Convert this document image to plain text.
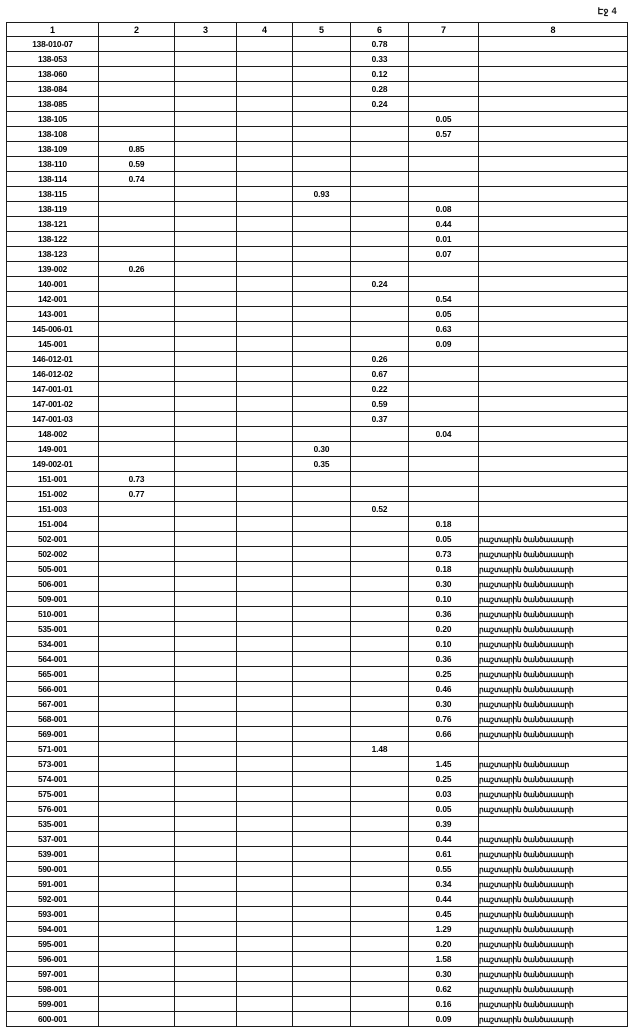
Էջ 4
1	2	3	4	5	6	7	8
138-010-07					0.78		
138-053					0.33		
138-060					0.12		
138-084					0.28		
138-085					0.24		
138-105						0.05	
138-108						0.57	
138-109	0.85						
138-110	0.59						
138-114	0.74						
138-115				0.93			
138-119						0.08	
138-121						0.44	
138-122						0.01	
138-123						0.07	
139-002	0.26						
140-001					0.24		
142-001						0.54	
143-001						0.05	
145-006-01						0.63	
145-001						0.09	
146-012-01					0.26		
146-012-02					0.67		
147-001-01					0.22		
147-001-02					0.59		
147-001-03					0.37		
148-002						0.04	
149-001				0.30			
149-002-01				0.35			
151-001	0.73						
151-002	0.77						
151-003					0.52		
151-004						0.18	
502-001						0.05	րաշտարին ծանծաաարի
502-002						0.73	րաշտարին ծանծաաարի
505-001						0.18	րաշտարին ծանծաաարի
506-001						0.30	րաշտարին ծանծաաարի
509-001						0.10	րաշտարին ծանծաաարի
510-001						0.36	րաշտարին ծանծաաարի
535-001						0.20	րաշտարին ծանծաաարի
534-001						0.10	րաշտարին ծանծաաարի
564-001						0.36	րաշտարին ծանծաաարի
565-001						0.25	րաշտարին ծանծաաարի
566-001						0.46	րաշտարին ծանծաաարի
567-001						0.30	րաշտարին ծանծաաարի
568-001						0.76	րաշտարին ծանծաաարի
569-001						0.66	րաշտարին ծանծաաարի
571-001					1.48		
573-001						1.45	րաշտարին ծանծաաար
574-001						0.25	րաշտարին ծանծաաարի
575-001						0.03	րաշտարին ծանծաաարի
576-001						0.05	րաշտարին ծանծաաարի
535-001						0.39	
537-001						0.44	րաշտարին ծանծաաարի
539-001						0.61	րաշտարին ծանծաաարի
590-001						0.55	րաշտարին ծանծաաարի
591-001						0.34	րաշտարին ծանծաաարի
592-001						0.44	րաշտարին ծանծաաարի
593-001						0.45	րաշտարին ծանծաաարի
594-001						1.29	րաշտարին ծանծաաարի
595-001						0.20	րաշտարին ծանծաաարի
596-001						1.58	րաշտարին ծանծաաարի
597-001						0.30	րաշտարին ծանծաաարի
598-001						0.62	րաշտարին ծանծաաարի
599-001						0.16	րաշտարին ծանծաաարի
600-001						0.09	րաշտարին ծանծաաարի
